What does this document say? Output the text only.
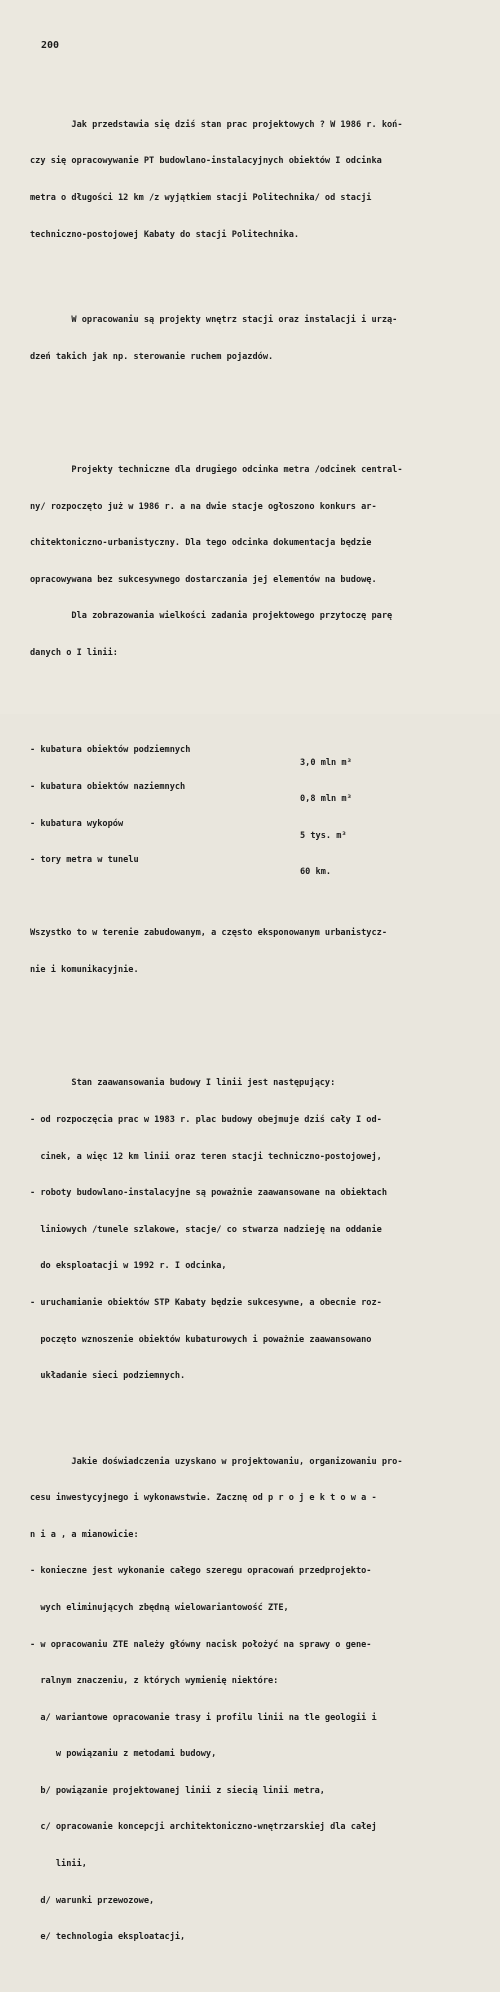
200

Jak przedstawia się dziś stan prac projektowych ? W 1986 r. koń-

czy się opracowywanie PT budowlano-instalacyjnych obiektów I odcinka

metra o długości 12 km /z wyjątkiem stacji Politechnika/ od stacji

techniczno-postojowej Kabaty do stacji Politechnika.

W opracowaniu są projekty wnętrz stacji oraz instalacji i urzą-

dzeń takich jak np. sterowanie ruchem pojazdów.

Projekty techniczne dla drugiego odcinka metra /odcinek central-

ny/ rozpoczęto już w 1986 r. a na dwie stacje ogłoszono konkurs ar-

chitektoniczno-urbanistyczny. Dla tego odcinka dokumentacja będzie

opracowywana bez sukcesywnego dostarczania jej elementów na budowę.

Dla zobrazowania wielkości zadania projektowego przytoczę parę

danych o I linii:

- kubatura obiektów podziemnych

3,0 mln m³

- kubatura obiektów naziemnych

0,8 mln m³

- kubatura wykopów

5 tys. m³

- tory metra w tunelu

60 km.

Wszystko to w terenie zabudowanym, a często eksponowanym urbanistycz-

nie i komunikacyjnie.

Stan zaawansowania budowy I linii jest następujący:

- od rozpoczęcia prac w 1983 r. plac budowy obejmuje dziś cały I od-

cinek, a więc 12 km linii oraz teren stacji techniczno-postojowej,

- roboty budowlano-instalacyjne są poważnie zaawansowane na obiektach

liniowych /tunele szlakowe, stacje/ co stwarza nadzieję na oddanie

do eksploatacji w 1992 r. I odcinka,

- uruchamianie obiektów STP Kabaty będzie sukcesywne, a obecnie roz-

poczęto wznoszenie obiektów kubaturowych i poważnie zaawansowano

układanie sieci podziemnych.

Jakie doświadczenia uzyskano w projektowaniu, organizowaniu pro-

cesu inwestycyjnego i wykonawstwie. Zacznę od p r o j e k t o w a -

n i a , a mianowicie:

- konieczne jest wykonanie całego szeregu opracowań przedprojekto-

wych eliminujących zbędną wielowariantowość ZTE,

- w opracowaniu ZTE należy główny nacisk położyć na sprawy o gene-

ralnym znaczeniu, z których wymienię niektóre:

a/ wariantowe opracowanie trasy i profilu linii na tle geologii i

w powiązaniu z metodami budowy,

b/ powiązanie projektowanej linii z siecią linii metra,

c/ opracowanie koncepcji architektoniczno-wnętrzarskiej dla całej

linii,

d/ warunki przewozowe,

e/ technologia eksploatacji,
